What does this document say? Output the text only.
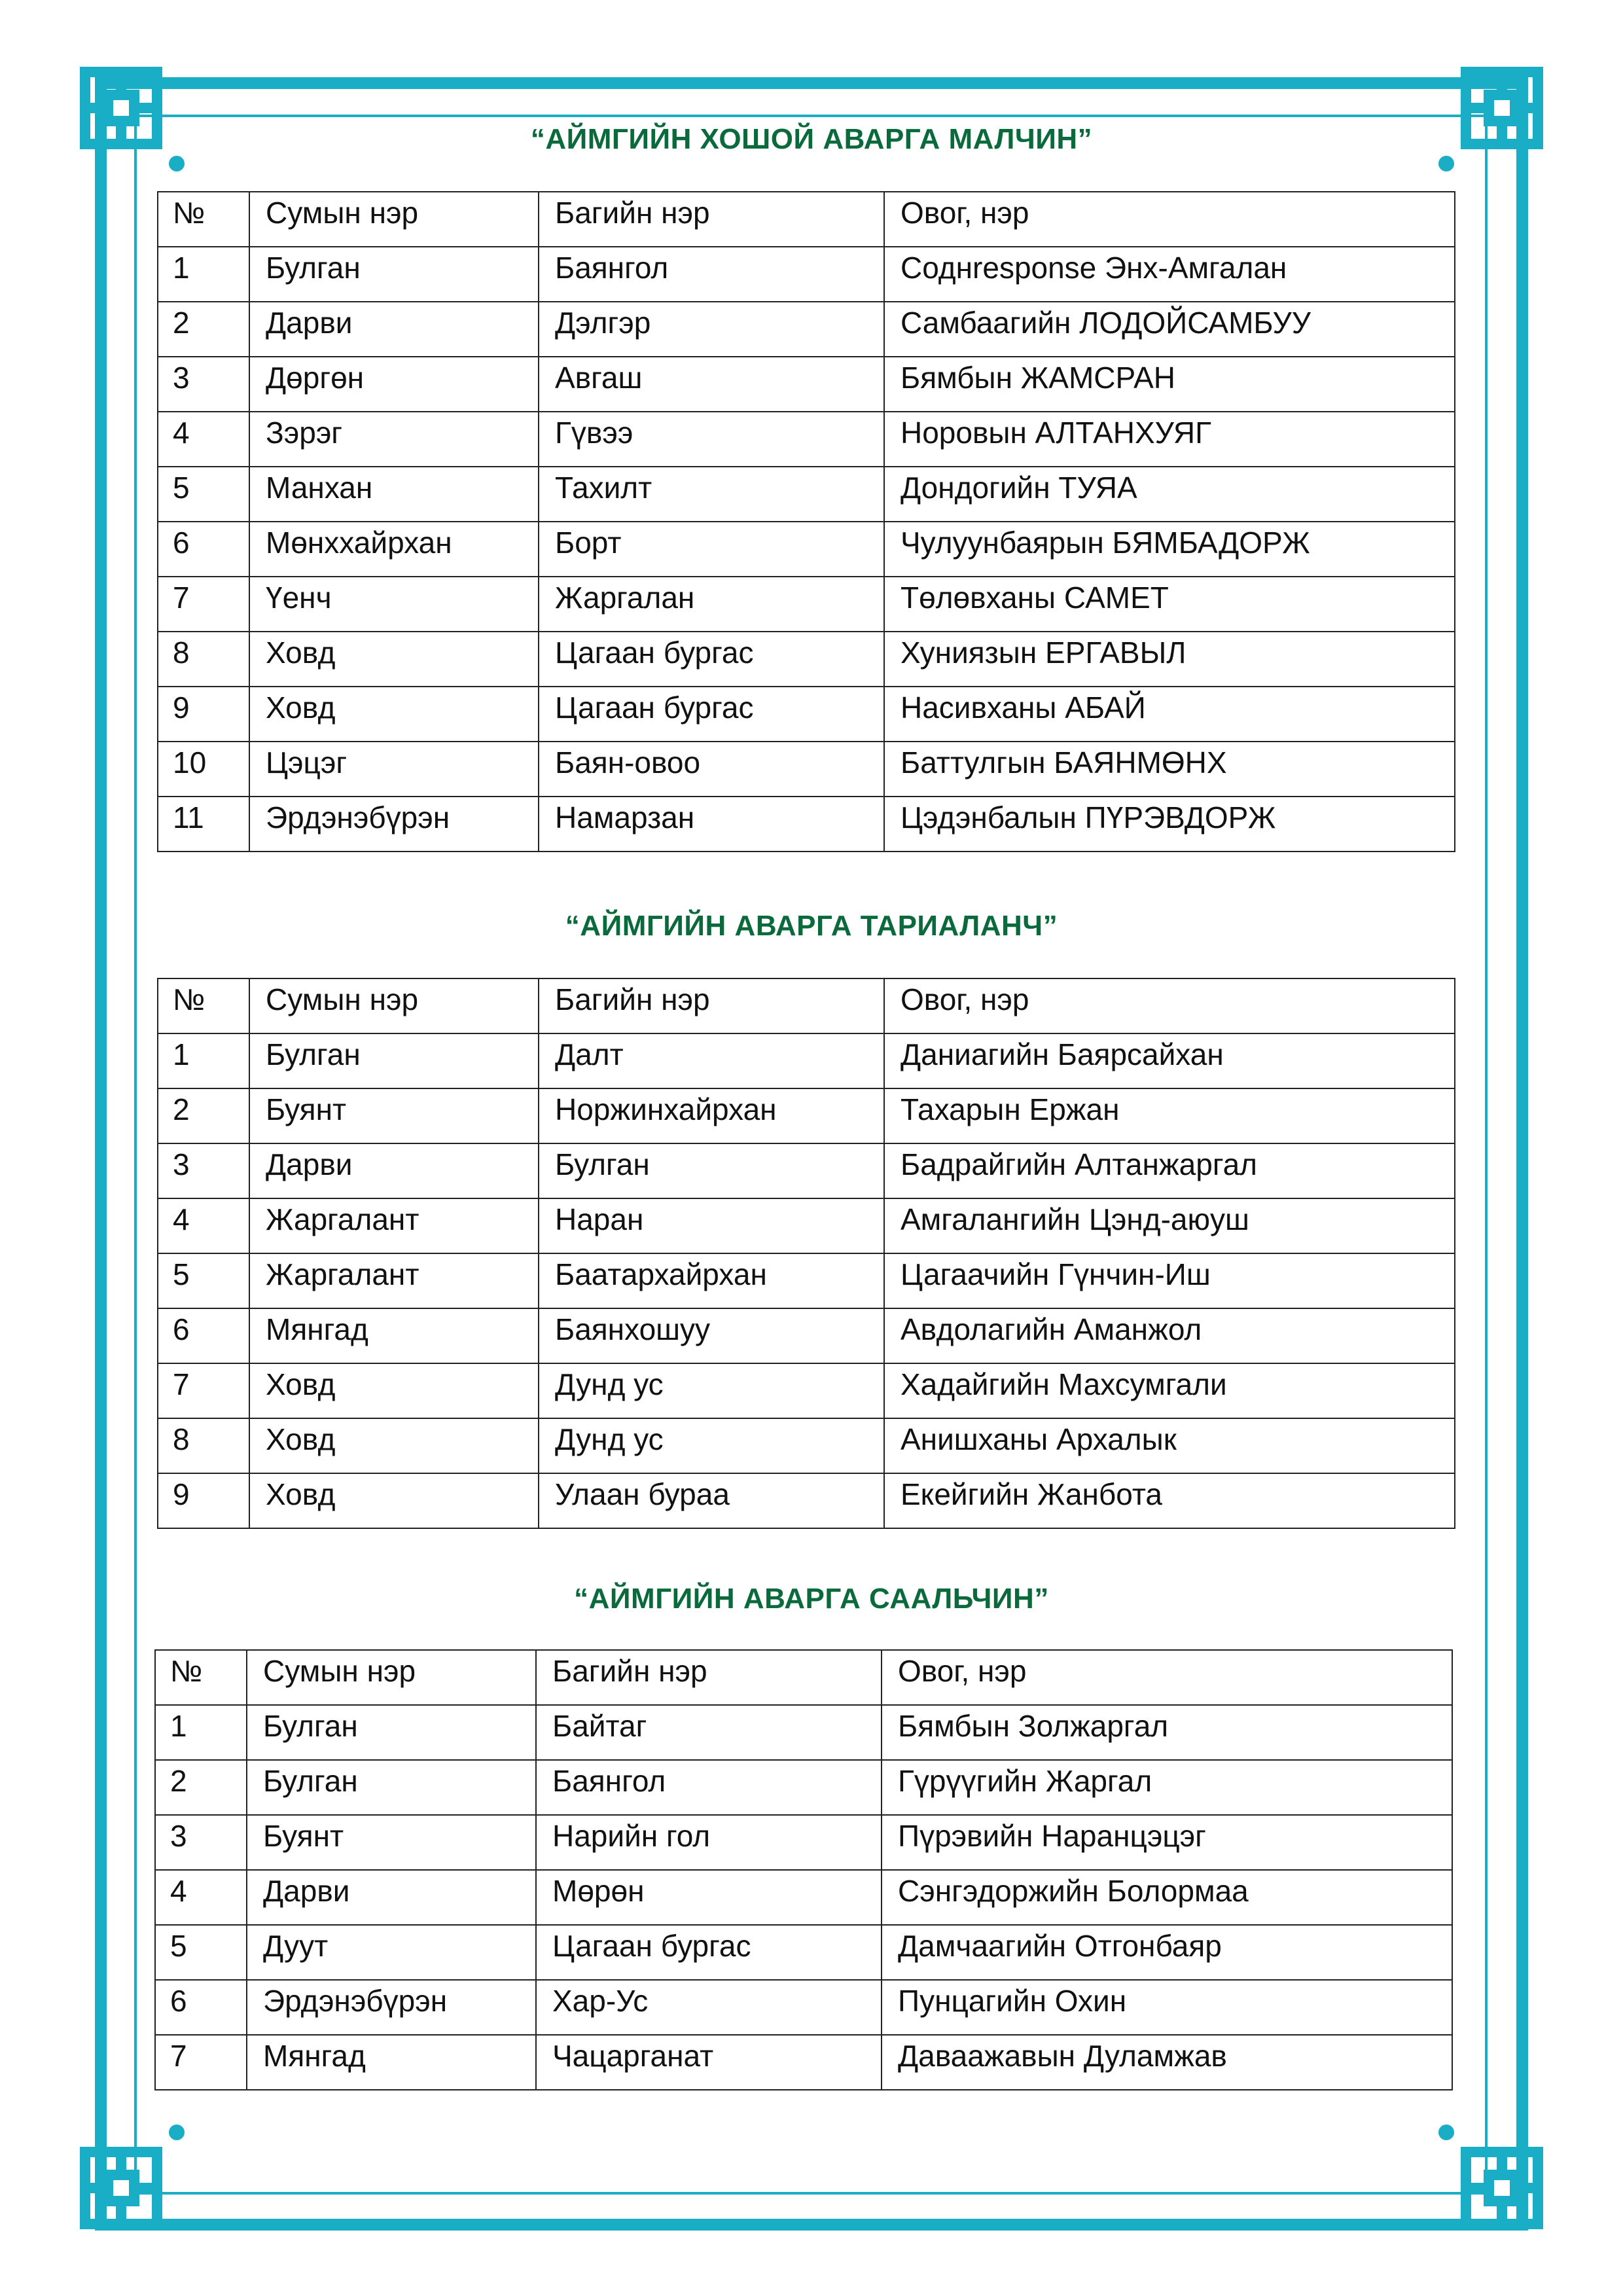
“АЙМГИЙН ХОШОЙ АВАРГА МАЛЧИН”
№	Сумын нэр	Багийн нэр	Овог, нэр
1	Булган	Баянгол	Соднresponse Энх-Амгалан
2	Дарви	Дэлгэр	Самбаагийн ЛОДОЙСАМБУУ
3	Дөргөн	Авгаш	Бямбын ЖАМСРАН
4	Зэрэг	Гүвээ	Норовын АЛТАНХУЯГ
5	Манхан	Тахилт	Дондогийн ТУЯА
6	Мөнххайрхан	Борт	Чулуунбаярын БЯМБАДОРЖ
7	Үенч	Жаргалан	Төлөвханы САМЕТ
8	Ховд	Цагаан бургас	Хуниязын ЕРГАВЫЛ
9	Ховд	Цагаан бургас	Насивханы АБАЙ
10	Цэцэг	Баян-овоо	Баттулгын БАЯНМӨНХ
11	Эрдэнэбүрэн	Намарзан	Цэдэнбалын ПҮРЭВДОРЖ
“АЙМГИЙН АВАРГА ТАРИАЛАНЧ”
№	Сумын нэр	Багийн нэр	Овог, нэр
1	Булган	Далт	Даниагийн Баярсайхан
2	Буянт	Норжинхайрхан	Тахарын Ержан
3	Дарви	Булган	Бадрайгийн Алтанжаргал
4	Жаргалант	Наран	Амгалангийн Цэнд-аюуш
5	Жаргалант	Баатархайрхан	Цагаачийн Гүнчин-Иш
6	Мянгад	Баянхошуу	Авдолагийн Аманжол
7	Ховд	Дунд ус	Хадайгийн Махсумгали
8	Ховд	Дунд ус	Анишханы Архалык
9	Ховд	Улаан бураа	Екейгийн Жанбота
“АЙМГИЙН АВАРГА СААЛЬЧИН”
№	Сумын нэр	Багийн нэр	Овог, нэр
1	Булган	Байтаг	Бямбын Золжаргал
2	Булган	Баянгол	Гүрүүгийн Жаргал
3	Буянт	Нарийн гол	Пүрэвийн Наранцэцэг
4	Дарви	Мөрөн	Сэнгэдоржийн Болормаа
5	Дуут	Цагаан бургас	Дамчаагийн Отгонбаяр
6	Эрдэнэбүрэн	Хар-Ус	Пунцагийн Охин
7	Мянгад	Чацарганат	Даваажавын Дуламжав
